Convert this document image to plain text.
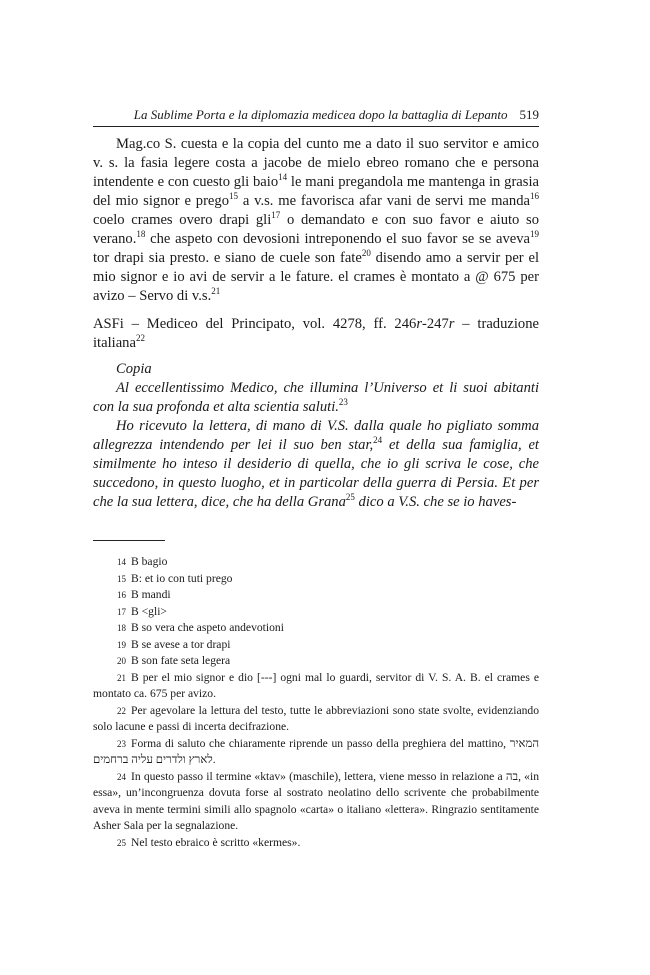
La Sublime Porta e la diplomazia medicea dopo la battaglia di Lepanto 519

Mag.co S. cuesta e la copia del cunto me a dato il suo servitor e amico v. s. la fasia legere costa a jacobe de mielo ebreo romano che e persona intendente e con cuesto gli baio$^{14}$ le mani pregandola me mantenga in grasia del mio signor e prego$^{15}$ a v.s. me favorisca afar vani de servi me manda$^{16}$ coelo crames overo drapi gli$^{17}$ o demandato e con suo favor e aiuto so verano.$^{18}$ che aspeto con devosioni intreponendo el suo favor se se aveva$^{19}$ tor drapi sia presto. e siano de cuele son fate$^{20}$ disendo amo a servir per el mio signor e io avi de servir a le fature. el crames è montato a @ 675 per avizo – Servo di v.s.$^{21}$

ASFi – Mediceo del Principato, vol. 4278, ff. 246r-247r – traduzione italiana$^{22}$

Copia

Al eccellentissimo Medico, che illumina l’Universo et li suoi abitanti con la sua profonda et alta scientia saluti.$^{23}$

Ho ricevuto la lettera, di mano di V.S. dalla quale ho pigliato somma allegrezza intendendo per lei il suo ben star,$^{24}$ et della sua famiglia, et similmente ho inteso il desiderio di quella, che io gli scriva le cose, che succedono, in questo luogho, et in particolar della guerra di Persia. Et per che la sua lettera, dice, che ha della Grana$^{25}$ dico a V.S. che se io haves-

14 B bagio

15 B: et io con tuti prego

16 B mandi

17 B <gli>

18 B so vera che aspeto andevotioni

19 B se avese a tor drapi

20 B son fate seta legera

21 B per el mio signor e dio [---] ogni mal lo guardi, servitor di V. S. A. B. el crames e montato ca. 675 per avizo.

22 Per agevolare la lettura del testo, tutte le abbreviazioni sono state svolte, evidenziando solo lacune e passi di incerta decifrazione.

23 Forma di saluto che chiaramente riprende un passo della preghiera del mattino, המאיר לארץ ולדרים עליה ברחמים.

24 In questo passo il termine «ktav» (maschile), lettera, viene messo in relazione a בה, «in essa», un’incongruenza dovuta forse al sostrato neolatino dello scrivente che probabilmente aveva in mente termini simili allo spagnolo «carta» o italiano «lettera». Ringrazio sentitamente Asher Sala per la segnalazione.

25 Nel testo ebraico è scritto «kermes».
